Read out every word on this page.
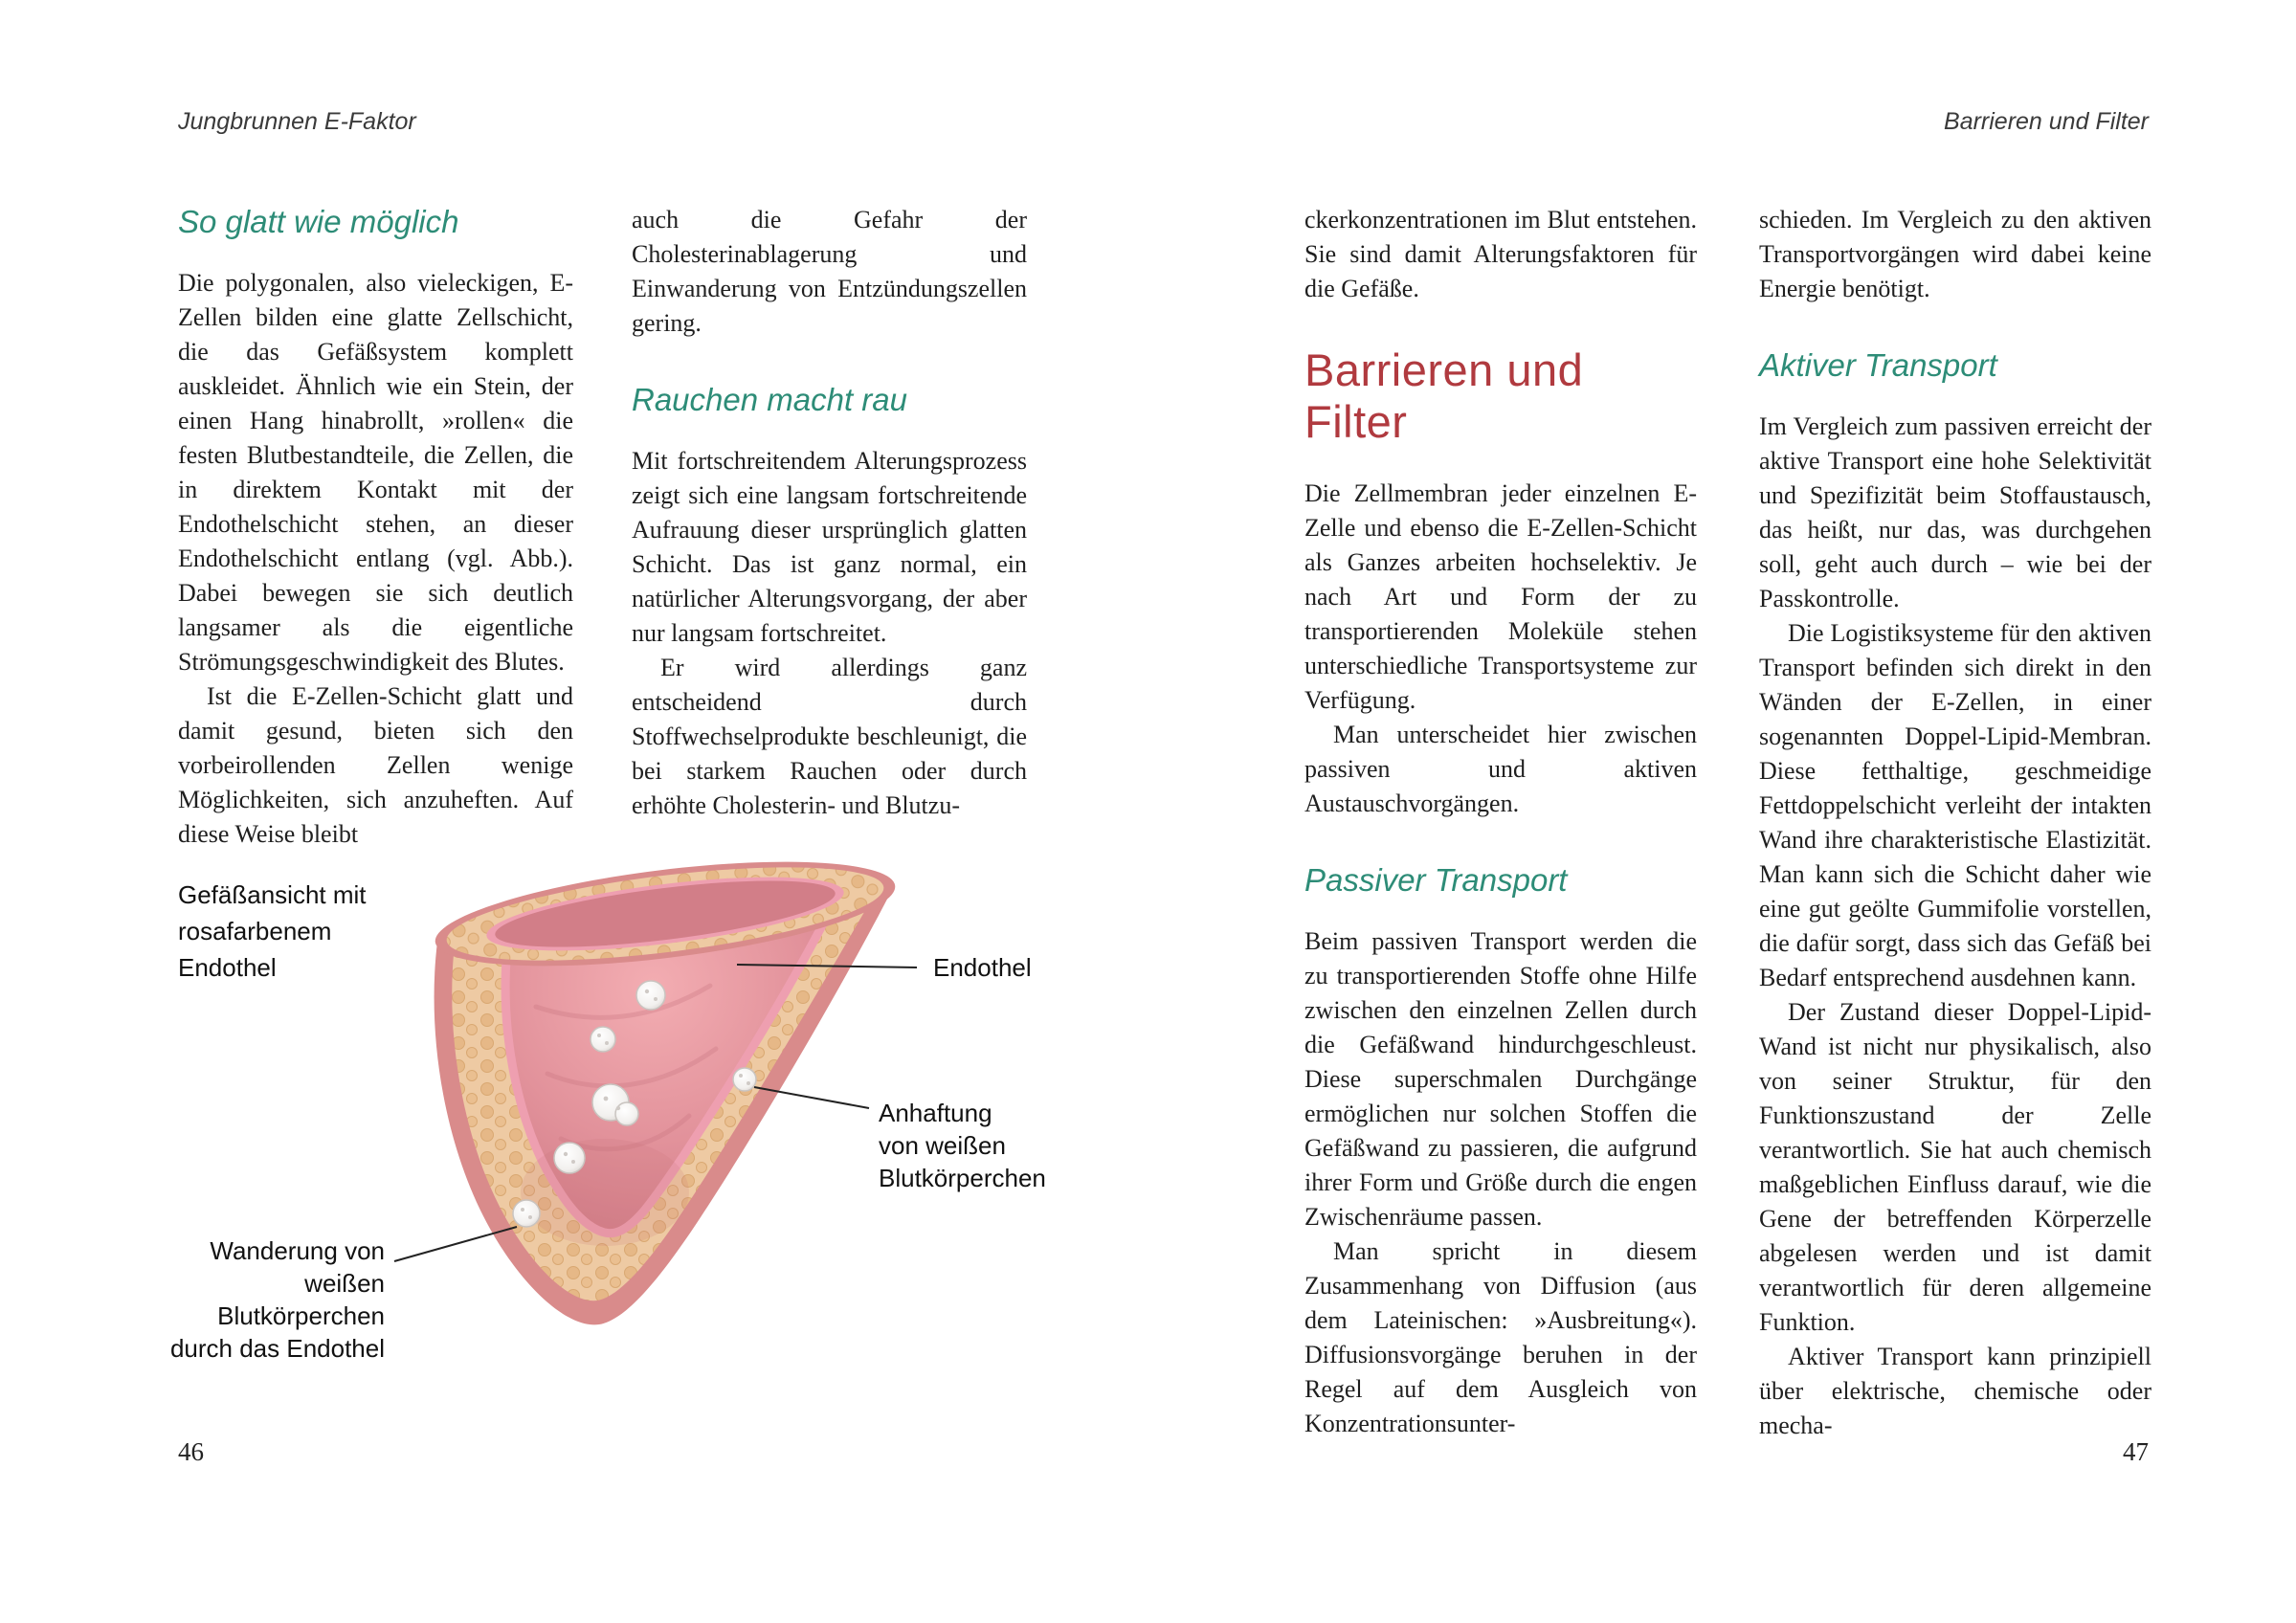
Jungbrunnen E-Faktor
So glatt wie möglich

Die polygonalen, also vieleckigen, E-Zellen bilden eine glatte Zellschicht, die das Gefäßsystem komplett auskleidet. Ähnlich wie ein Stein, der einen Hang hinabrollt, »rollen« die festen Blutbestandteile, die Zellen, die in direktem Kontakt mit der Endothelschicht stehen, an dieser Endothelschicht entlang (vgl. Abb.). Dabei bewegen sie sich deutlich langsamer als die eigentliche Strömungsgeschwindigkeit des Blutes.

Ist die E-Zellen-Schicht glatt und damit gesund, bieten sich den vorbeirollenden Zellen wenige Möglichkeiten, sich anzuheften. Auf diese Weise bleibt

auch die Gefahr der Cholesterinablagerung und Einwanderung von Entzündungszellen gering.

Rauchen macht rau

Mit fortschreitendem Alterungsprozess zeigt sich eine langsam fortschreitende Aufrauung dieser ursprünglich glatten Schicht. Das ist ganz normal, ein natürlicher Alterungsvorgang, der aber nur langsam fortschreitet.

Er wird allerdings ganz entscheidend durch Stoffwechselprodukte beschleunigt, die bei starkem Rauchen oder durch erhöhte Cholesterin- und Blutzu-

Gefäßansicht mit
rosafarbenem
Endothel	Endothel
Anhaftung
von weißen
Blutkörperchen
Wanderung von
weißen Blutkörperchen
durch das Endothel
46
Barrieren und Filter

ckerkonzentrationen im Blut entstehen. Sie sind damit Alterungsfaktoren für die Gefäße.

Barrieren und Filter

Die Zellmembran jeder einzelnen E-Zelle und ebenso die E-Zellen-Schicht als Ganzes arbeiten hochselektiv. Je nach Art und Form der zu transportierenden Moleküle stehen unterschiedliche Transportsysteme zur Verfügung.

Man unterscheidet hier zwischen passiven und aktiven Austauschvorgängen.

Passiver Transport

Beim passiven Transport werden die zu transportierenden Stoffe ohne Hilfe zwischen den einzelnen Zellen durch die Gefäßwand hindurchgeschleust. Diese superschmalen Durchgänge ermöglichen nur solchen Stoffen die Gefäßwand zu passieren, die aufgrund ihrer Form und Größe durch die engen Zwischenräume passen.

Man spricht in diesem Zusammenhang von Diffusion (aus dem Lateinischen: »Ausbreitung«). Diffusionsvorgänge beruhen in der Regel auf dem Ausgleich von Konzentrationsunter-

schieden. Im Vergleich zu den aktiven Transportvorgängen wird dabei keine Energie benötigt.

Aktiver Transport

Im Vergleich zum passiven erreicht der aktive Transport eine hohe Selektivität und Spezifizität beim Stoffaustausch, das heißt, nur das, was durchgehen soll, geht auch durch – wie bei der Passkontrolle.

Die Logistiksysteme für den aktiven Transport befinden sich direkt in den Wänden der E-Zellen, in einer sogenannten Doppel-Lipid-Membran. Diese fetthaltige, geschmeidige Fettdoppelschicht verleiht der intakten Wand ihre charakteristische Elastizität. Man kann sich die Schicht daher wie eine gut geölte Gummifolie vorstellen, die dafür sorgt, dass sich das Gefäß bei Bedarf entsprechend ausdehnen kann.

Der Zustand dieser Doppel-Lipid-Wand ist nicht nur physikalisch, also von seiner Struktur, für den Funktionszustand der Zelle verantwortlich. Sie hat auch chemisch maßgeblichen Einfluss darauf, wie die Gene der betreffenden Körperzelle abgelesen werden und ist damit verantwortlich für deren allgemeine Funktion.

Aktiver Transport kann prinzipiell über elektrische, chemische oder mecha-

47
